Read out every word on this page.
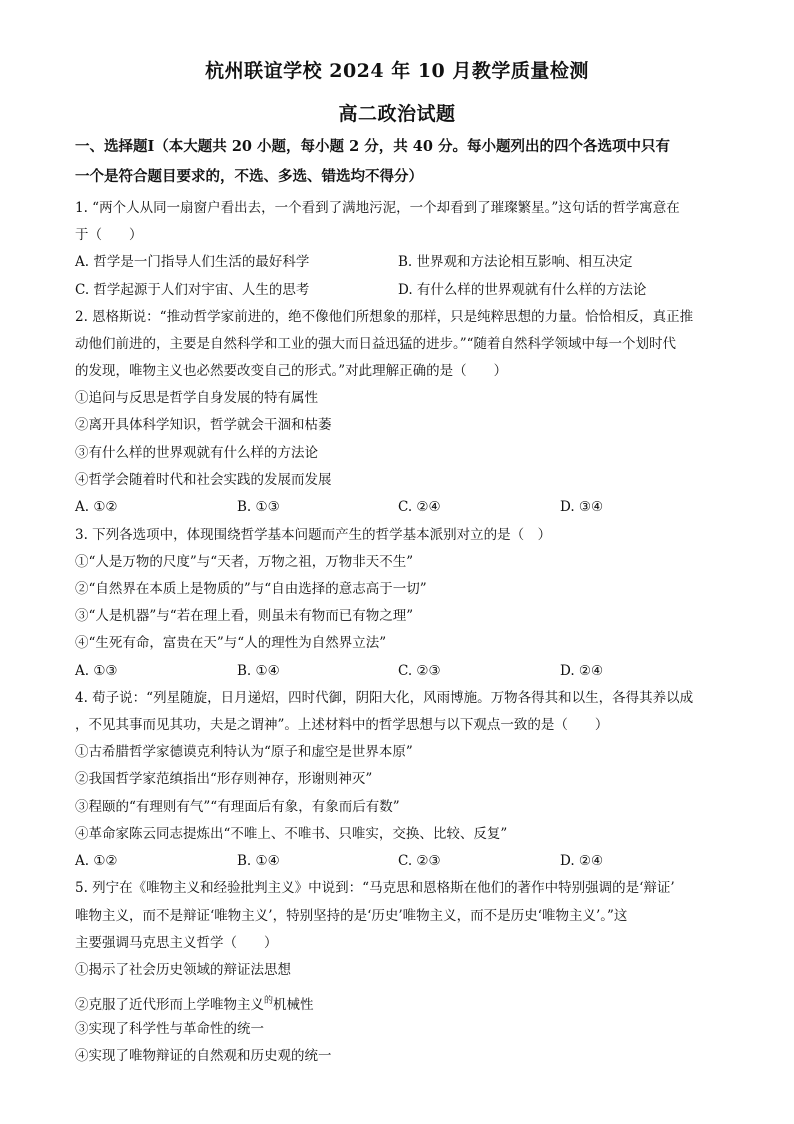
杭州联谊学校 2024 年 10 月教学质量检测
高二政治试题
一、选择题Ⅰ（本大题共 20 小题，每小题 2 分，共 40 分。每小题列出的四个各选项中只有
一个是符合题目要求的，不选、多选、错选均不得分）
1. “两个人从同一扇窗户看出去，一个看到了满地污泥，一个却看到了璀璨繁星。”这句话的哲学寓意在
于（　　）
A. 哲学是一门指导人们生活的最好科学	B. 世界观和方法论相互影响、相互决定
C. 哲学起源于人们对宇宙、人生的思考	D. 有什么样的世界观就有什么样的方法论
2. 恩格斯说：“推动哲学家前进的，绝不像他们所想象的那样，只是纯粹思想的力量。恰恰相反，真正推
动他们前进的，主要是自然科学和工业的强大而日益迅猛的进步。”“随着自然科学领域中每一个划时代
的发现，唯物主义也必然要改变自己的形式。”对此理解正确的是（　　）
①追问与反思是哲学自身发展的特有属性
②离开具体科学知识，哲学就会干涸和枯萎
③有什么样的世界观就有什么样的方法论
④哲学会随着时代和社会实践的发展而发展
A. ①②	B. ①③	C. ②④	D. ③④
3. 下列各选项中，体现围绕哲学基本问题而产生的哲学基本派别对立的是（　）
①“人是万物的尺度”与“天者，万物之祖，万物非天不生”
②“自然界在本质上是物质的”与“自由选择的意志高于一切”
③“人是机器”与“若在理上看，则虽未有物而已有物之理”
④“生死有命，富贵在天”与“人的理性为自然界立法”
A. ①③	B. ①④	C. ②③	D. ②④
4. 荀子说：“列星随旋，日月递炤，四时代御，阴阳大化，风雨博施。万物各得其和以生，各得其养以成
，不见其事而见其功，夫是之谓神”。上述材料中的哲学思想与以下观点一致的是（　　）
①古希腊哲学家德谟克利特认为“原子和虚空是世界本原”
②我国哲学家范缜指出“形存则神存，形谢则神灭”
③程颐的“有理则有气”“有理面后有象，有象而后有数”
④革命家陈云同志提炼出“不唯上、不唯书、只唯实，交换、比较、反复”
A. ①②	B. ①④	C. ②③	D. ②④
5. 列宁在《唯物主义和经验批判主义》中说到：“马克思和恩格斯在他们的著作中特别强调的是‘辩证’
唯物主义，而不是辩证‘唯物主义’，特别坚持的是‘历史’唯物主义，而不是历史‘唯物主义’。”这
主要强调马克思主义哲学（　　）
①揭示了社会历史领域的辩证法思想
②克服了近代形而上学唯物主义$^的$机械性
③实现了科学性与革命性的统一
④实现了唯物辩证的自然观和历史观的统一
